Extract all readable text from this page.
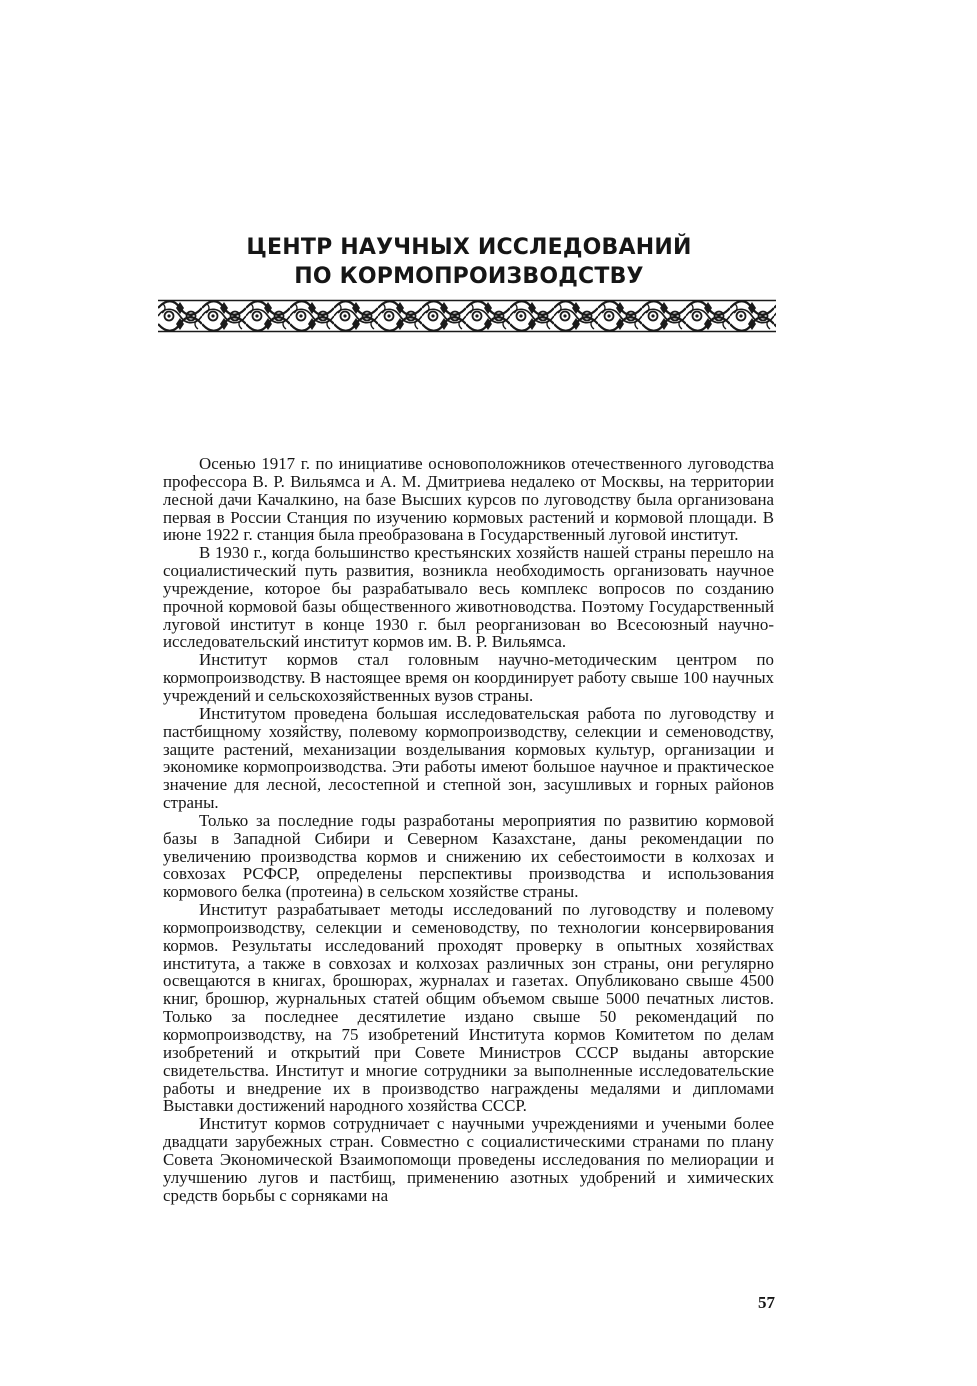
ЦЕНТР НАУЧНЫХ ИССЛЕДОВАНИЙ
ПО КОРМОПРОИЗВОДСТВУ

Осенью 1917 г. по инициативе основоположников отечественного луговодства профессора В. Р. Вильямса и А. М. Дмитриева недалеко от Москвы, на территории лесной дачи Качалкино, на базе Высших курсов по луговодству была организована первая в России Станция по изучению кормовых растений и кормовой площади. В июне 1922 г. станция была преобразована в Государственный луговой институт.

В 1930 г., когда большинство крестьянских хозяйств нашей страны перешло на социалистический путь развития, возникла необходимость организовать научное учреждение, которое бы разрабатывало весь комплекс вопросов по созданию прочной кормовой базы общественного животноводства. Поэтому Государственный луговой институт в конце 1930 г. был реорганизован во Всесоюзный научно-исследовательский институт кормов им. В. Р. Вильямса.

Институт кормов стал головным научно-методическим центром по кормопроизводству. В настоящее время он координирует работу свыше 100 научных учреждений и сельскохозяйственных вузов страны.

Институтом проведена большая исследовательская работа по луговодству и пастбищному хозяйству, полевому кормопроизводству, селекции и семеноводству, защите растений, механизации возделывания кормовых культур, организации и экономике кормопроизводства. Эти работы имеют большое научное и практическое значение для лесной, лесостепной и степной зон, засушливых и горных районов страны.

Только за последние годы разработаны мероприятия по развитию кормовой базы в Западной Сибири и Северном Казахстане, даны рекомендации по увеличению производства кормов и снижению их себестоимости в колхозах и совхозах РСФСР, определены перспективы производства и использования кормового белка (протеина) в сельском хозяйстве страны.

Институт разрабатывает методы исследований по луговодству и полевому кормопроизводству, селекции и семеноводству, по технологии консервирования кормов. Результаты исследований проходят проверку в опытных хозяйствах института, а также в совхозах и колхозах различных зон страны, они регулярно освещаются в книгах, брошюрах, журналах и газетах. Опубликовано свыше 4500 книг, брошюр, журнальных статей общим объемом свыше 5000 печатных листов. Только за последнее десятилетие издано свыше 50 рекомендаций по кормопроизводству, на 75 изобретений Института кормов Комитетом по делам изобретений и открытий при Совете Министров СССР выданы авторские свидетельства. Институт и многие сотрудники за выполненные исследовательские работы и внедрение их в производство награждены медалями и дипломами Выставки достижений народного хозяйства СССР.

Институт кормов сотрудничает с научными учреждениями и учеными более двадцати зарубежных стран. Совместно с социалистическими странами по плану Совета Экономической Взаимопомощи проведены исследования по мелиорации и улучшению лугов и пастбищ, применению азотных удобрений и химических средств борьбы с сорняками на

57
